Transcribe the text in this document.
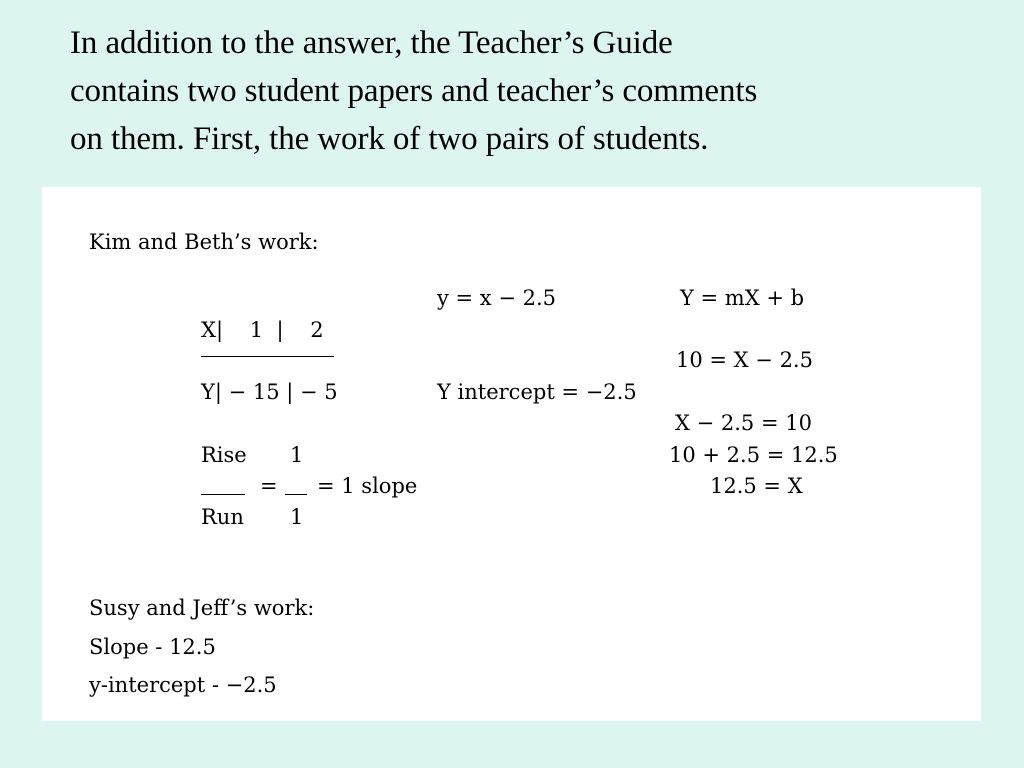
In addition to the answer, the Teacher’s Guide
contains two student papers and teacher’s comments
on them. First, the work of two pairs of students.
Kim and Beth’s work:
X|    1  |    2
Y| − 15 | − 5
Rise 1
= = 1 slope
Run 1
y = x − 2.5
Y intercept = −2.5
Y = mX + b
10 = X − 2.5
X − 2.5 = 10
10 + 2.5 = 12.5
12.5 = X
Susy and Jeff’s work:
Slope - 12.5
y-intercept - −2.5
